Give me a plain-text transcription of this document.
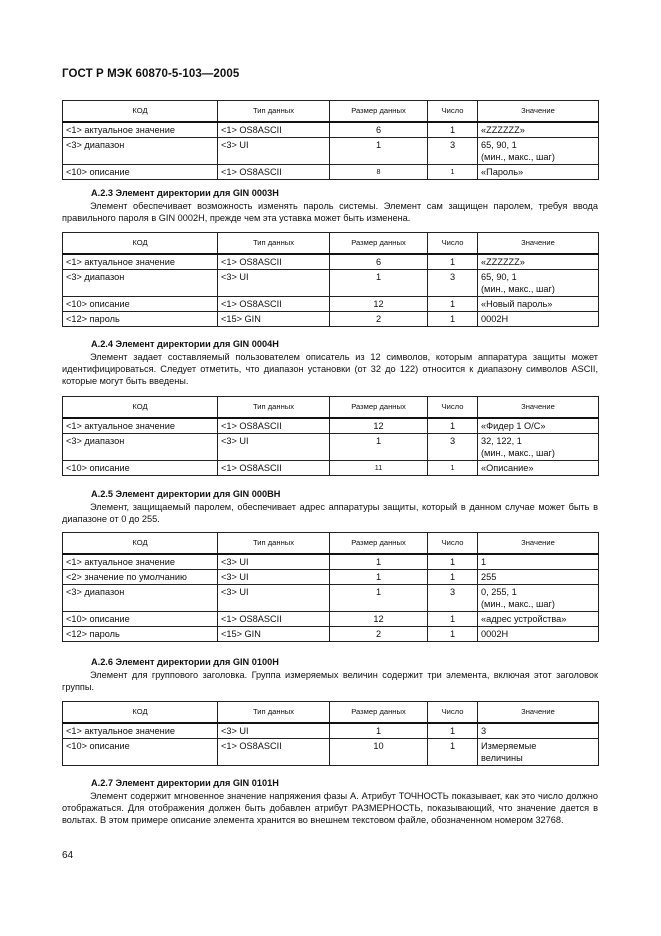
ГОСТ Р МЭК 60870-5-103—2005
КОД	Тип данных	Размер данных	Число	Значение
<1> актуальное значение	<1> OS8ASCII	6	1	«ZZZZZZ»
<3> диапазон	<3> UI	1	3	65, 90, 1
(мин., макс., шаг)
<10> описание	<1> OS8ASCII	8	1	«Пароль»
А.2.3 Элемент директории для GIN 0003H
Элемент обеспечивает возможность изменять пароль системы. Элемент сам защищен паролем, требуя ввода правильного пароля в GIN 0002H, прежде чем эта уставка может быть изменена.
КОД	Тип данных	Размер данных	Число	Значение
<1> актуальное значение	<1> OS8ASCII	6	1	«ZZZZZZ»
<3> диапазон	<3> UI	1	3	65, 90, 1
(мин., макс., шаг)
<10> описание	<1> OS8ASCII	12	1	«Новый пароль»
<12> пароль	<15> GIN	2	1	0002H
А.2.4 Элемент директории для GIN 0004H
Элемент задает составляемый пользователем описатель из 12 символов, которым аппаратура защиты может идентифицироваться. Следует отметить, что диапазон установки (от 32 до 122) относится к диапазону символов ASCII, которые могут быть введены.
КОД	Тип данных	Размер данных	Число	Значение
<1> актуальное значение	<1> OS8ASCII	12	1	«Фидер 1 О/С»
<3> диапазон	<3> UI	1	3	32, 122, 1
(мин., макс., шаг)
<10> описание	<1> OS8ASCII	11	1	«Описание»
А.2.5 Элемент директории для GIN 000BH
Элемент, защищаемый паролем, обеспечивает адрес аппаратуры защиты, который в данном случае может быть в диапазоне от 0 до 255.
КОД	Тип данных	Размер данных	Число	Значение
<1> актуальное значение	<3> UI	1	1	1
<2> значение по умолчанию	<3> UI	1	1	255
<3> диапазон	<3> UI	1	3	0, 255, 1
(мин., макс., шаг)
<10> описание	<1> OS8ASCII	12	1	«адрес устройства»
<12> пароль	<15> GIN	2	1	0002H
А.2.6 Элемент директории для GIN 0100H
Элемент для группового заголовка. Группа измеряемых величин содержит три элемента, включая этот заголовок группы.
КОД	Тип данных	Размер данных	Число	Значение
<1> актуальное значение	<3> UI	1	1	3
<10> описание	<1> OS8ASCII	10	1	Измеряемые
величины
А.2.7 Элемент директории для GIN 0101H
Элемент содержит мгновенное значение напряжения фазы А. Атрибут ТОЧНОСТЬ показывает, как это число должно отображаться. Для отображения должен быть добавлен атрибут РАЗМЕРНОСТЬ, показывающий, что значение дается в вольтах. В этом примере описание элемента хранится во внешнем текстовом файле, обозначенном номером 32768.
64
